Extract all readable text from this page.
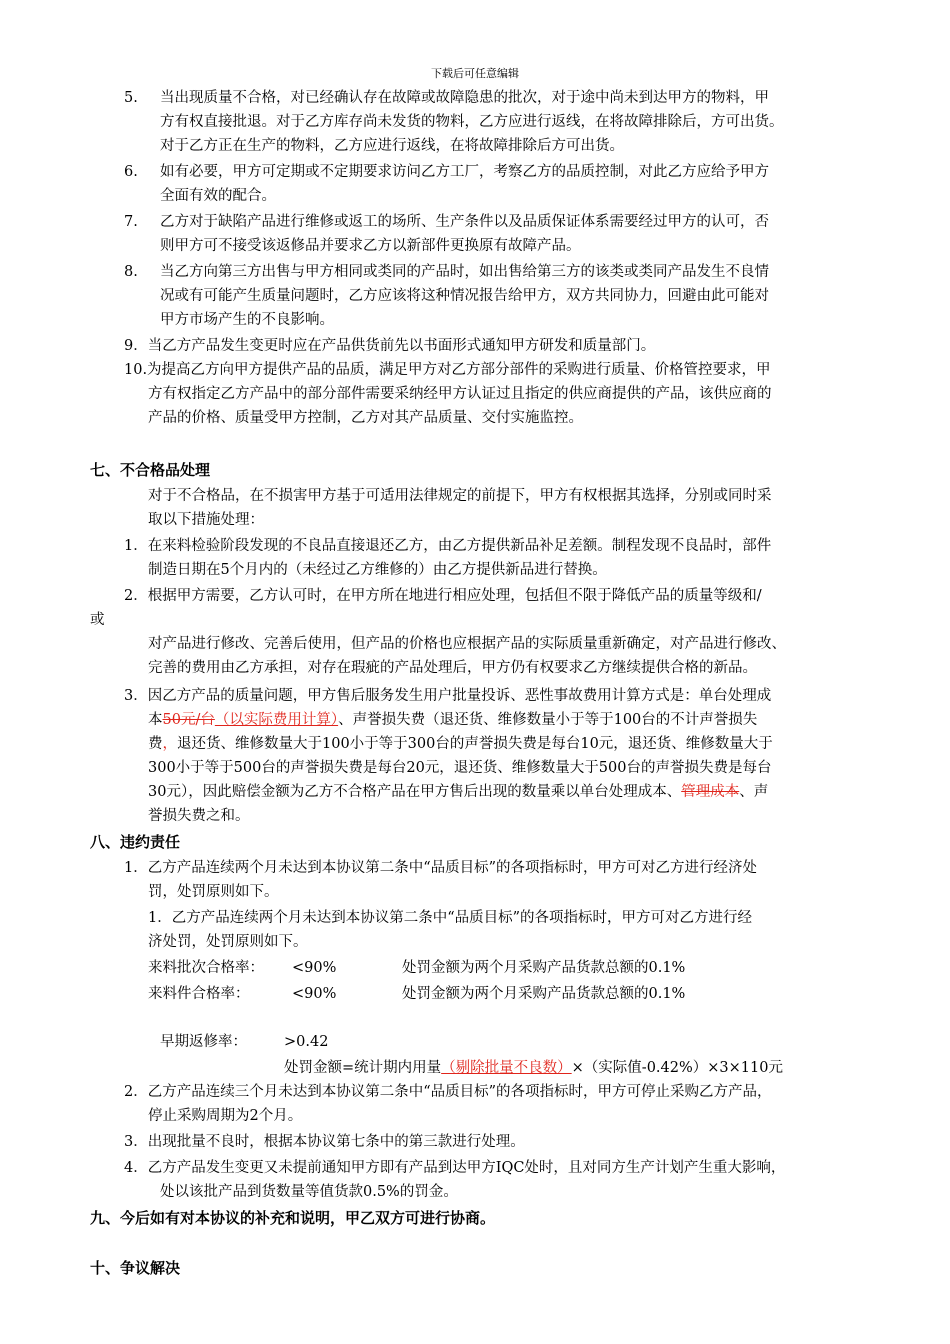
下载后可任意编辑
5. 当出现质量不合格，对已经确认存在故障或故障隐患的批次，对于途中尚未到达甲方的物料，甲
方有权直接批退。对于乙方库存尚未发货的物料，乙方应进行返线，在将故障排除后，方可出货。
对于乙方正在生产的物料，乙方应进行返线，在将故障排除后方可出货。
6. 如有必要，甲方可定期或不定期要求访问乙方工厂，考察乙方的品质控制，对此乙方应给予甲方
全面有效的配合。
7. 乙方对于缺陷产品进行维修或返工的场所、生产条件以及品质保证体系需要经过甲方的认可，否
则甲方可不接受该返修品并要求乙方以新部件更换原有故障产品。
8. 当乙方向第三方出售与甲方相同或类同的产品时，如出售给第三方的该类或类同产品发生不良情
况或有可能产生质量问题时，乙方应该将这种情况报告给甲方，双方共同协力，回避由此可能对
甲方市场产生的不良影响。
9．当乙方产品发生变更时应在产品供货前先以书面形式通知甲方研发和质量部门。
10.为提高乙方向甲方提供产品的品质，满足甲方对乙方部分部件的采购进行质量、价格管控要求，甲
方有权指定乙方产品中的部分部件需要采纳经甲方认证过且指定的供应商提供的产品，该供应商的
产品的价格、质量受甲方控制，乙方对其产品质量、交付实施监控。
七、不合格品处理
对于不合格品，在不损害甲方基于可适用法律规定的前提下，甲方有权根据其选择，分别或同时采
取以下措施处理：
1．在来料检验阶段发现的不良品直接退还乙方，由乙方提供新品补足差额。制程发现不良品时，部件
制造日期在5个月内的（未经过乙方维修的）由乙方提供新品进行替换。
2．根据甲方需要，乙方认可时，在甲方所在地进行相应处理，包括但不限于降低产品的质量等级和/
或
对产品进行修改、完善后使用，但产品的价格也应根据产品的实际质量重新确定，对产品进行修改、
完善的费用由乙方承担，对存在瑕疵的产品处理后，甲方仍有权要求乙方继续提供合格的新品。
3．因乙方产品的质量问题，甲方售后服务发生用户批量投诉、恶性事故费用计算方式是：单台处理成
本50元/台（以实际费用计算）、声誉损失费（退还货、维修数量小于等于100台的不计声誉损失
费，退还货、维修数量大于100小于等于300台的声誉损失费是每台10元，退还货、维修数量大于
300小于等于500台的声誉损失费是每台20元，退还货、维修数量大于500台的声誉损失费是每台
30元），因此赔偿金额为乙方不合格产品在甲方售后出现的数量乘以单台处理成本、管理成本、声
誉损失费之和。
八、违约责任
1．乙方产品连续两个月未达到本协议第二条中“品质目标”的各项指标时，甲方可对乙方进行经济处
罚，处罚原则如下。
1．乙方产品连续两个月未达到本协议第二条中“品质目标”的各项指标时，甲方可对乙方进行经
济处罚，处罚原则如下。
来料批次合格率： <90%	处罚金额为两个月采购产品货款总额的0.1%
来料件合格率：	<90%	处罚金额为两个月采购产品货款总额的0.1%
早期返修率：	>0.42
处罚金额=统计期内用量（剔除批量不良数）×（实际值-0.42%）×3×110元
2．乙方产品连续三个月未达到本协议第二条中“品质目标”的各项指标时，甲方可停止采购乙方产品，
停止采购周期为2个月。
3．出现批量不良时，根据本协议第七条中的第三款进行处理。
4．乙方产品发生变更又未提前通知甲方即有产品到达甲方IQC处时，且对同方生产计划产生重大影响，
处以该批产品到货数量等值货款0.5%的罚金。
九、今后如有对本协议的补充和说明，甲乙双方可进行协商。
十、争议解决
